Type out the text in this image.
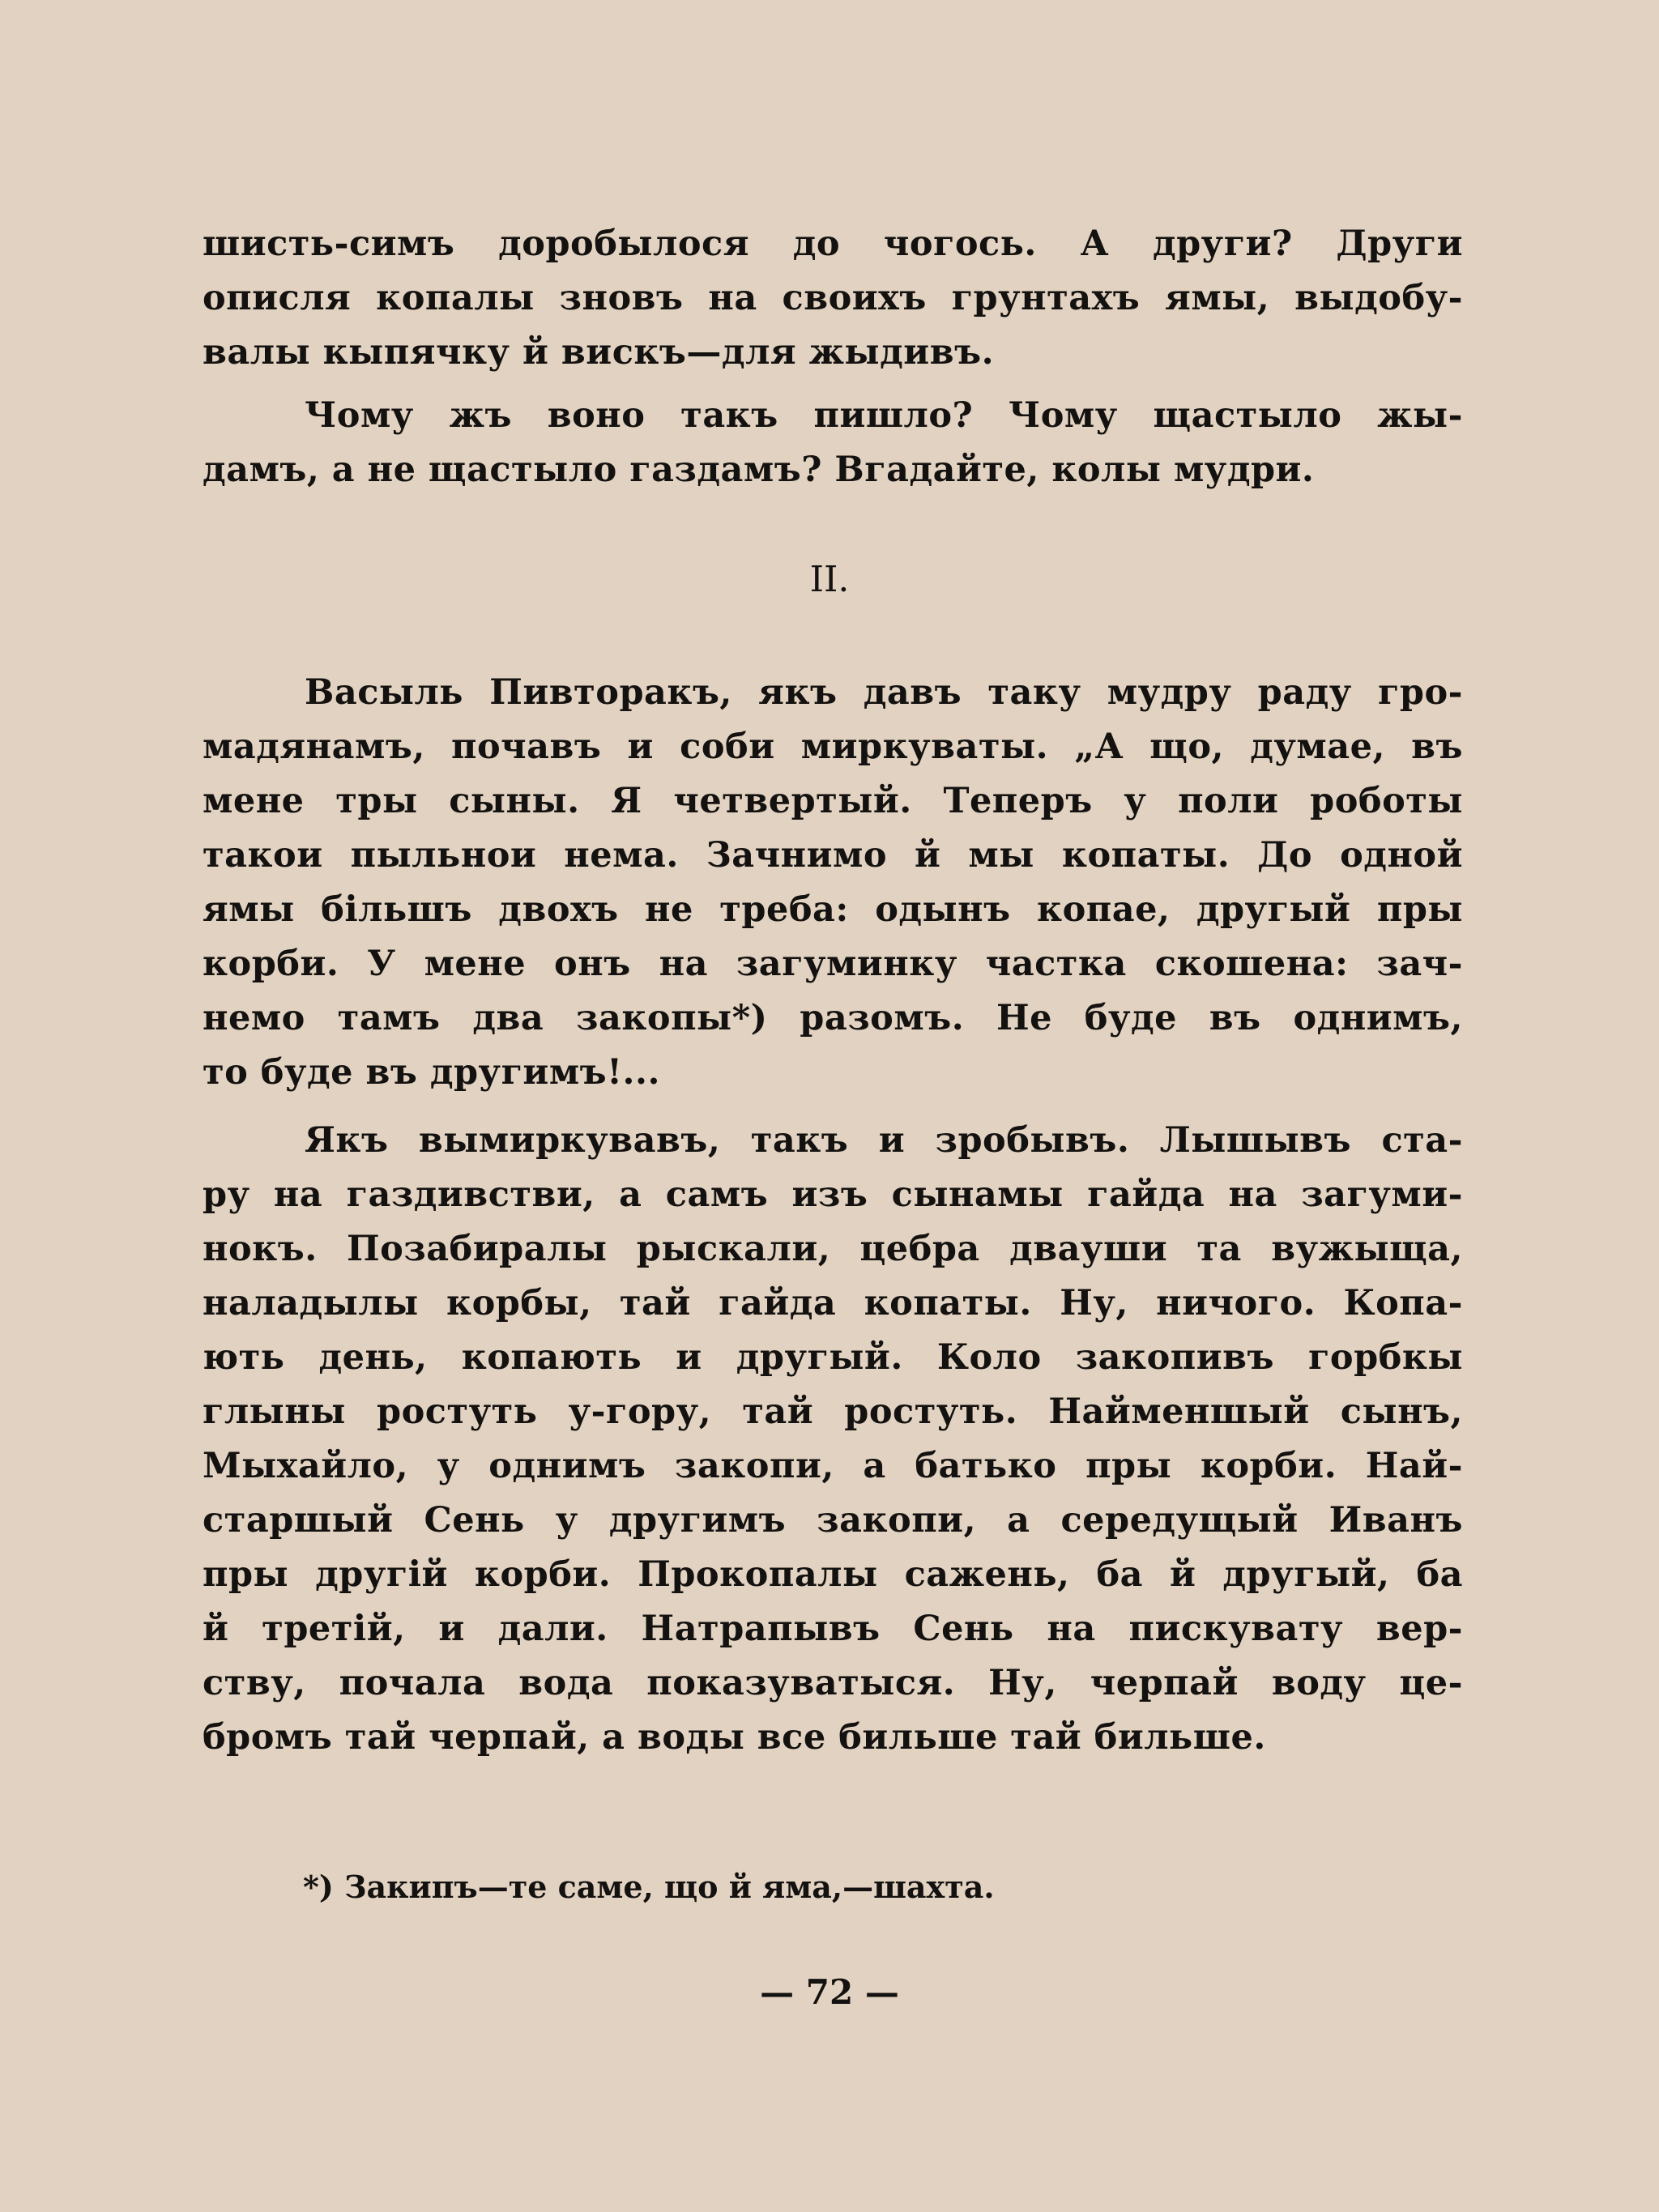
шисть-симъ доробылося до чогось. А други? Други
описля копалы зновъ на своихъ грунтахъ ямы, выдобу-
валы кыпячку й вискъ—для жыдивъ.
Чому жъ воно такъ пишло? Чому щастыло жы-
дамъ, а не щастыло газдамъ? Вгадайте, колы мудри.
II.
Васыль Пивторакъ, якъ давъ таку мудру раду гро-
мадянамъ, почавъ и соби миркуваты. „А що, думае, въ
мене тры сыны. Я четвертый. Теперъ у поли роботы
такои пыльнои нема. Зачнимо й мы копаты. До одной
ямы більшъ двохъ не треба: одынъ копае, другый пры
корби. У мене онъ на загуминку частка скошена: зач-
немо тамъ два закопы*) разомъ. Не буде въ однимъ,
то буде въ другимъ!...
Якъ вымиркувавъ, такъ и зробывъ. Лышывъ ста-
ру на газдивстви, а самъ изъ сынамы гайда на загуми-
нокъ. Позабиралы рыскали, цебра двауши та вужыща,
наладылы корбы, тай гайда копаты. Ну, ничого. Копа-
ють день, копають и другый. Коло закопивъ горбкы
глыны ростуть у-гору, тай ростуть. Найменшый сынъ,
Мыхайло, у однимъ закопи, а батько пры корби. Най-
старшый Сень у другимъ закопи, а середущый Иванъ
пры другій корби. Прокопалы сажень, ба й другый, ба
й третій, и дали. Натрапывъ Сень на пискувату вер-
ству, почала вода показуватыся. Ну, черпай воду це-
бромъ тай черпай, а воды все бильше тай бильше.
*) Закипъ—те саме, що й яма,—шахта.
— 72 —
